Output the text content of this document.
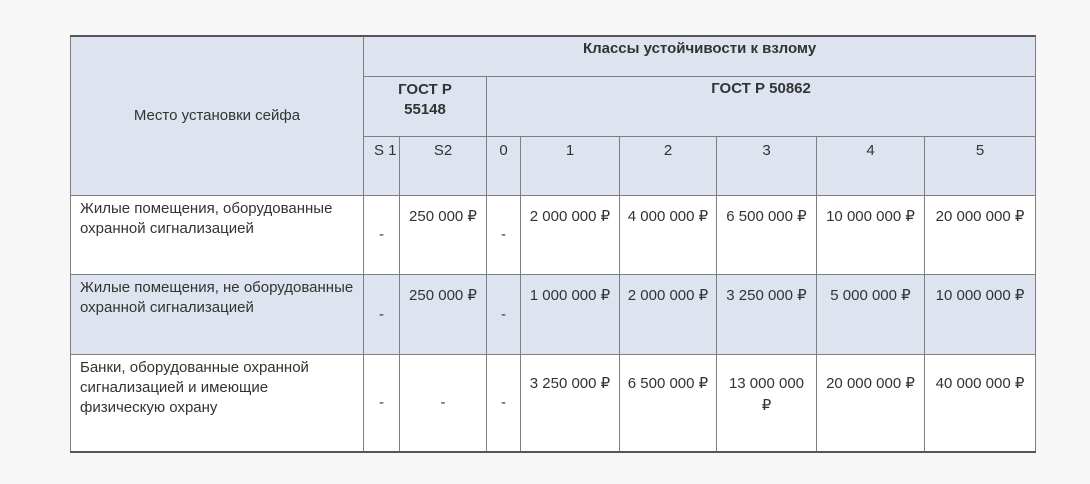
Место установки сейфа	Классы устойчивости к взлому							
	ГОСТ Р 55148		ГОСТ Р 50862					
	S 1	S2	0	1	2	3	4	5
Жилые помещения, оборудованные охранной сигнализацией	-	250 000 ₽	-	2 000 000 ₽	4 000 000 ₽	6 500 000 ₽	10 000 000 ₽	20 000 000 ₽
Жилые помещения, не оборудованные охранной сигнализацией	-	250 000 ₽	-	1 000 000 ₽	2 000 000 ₽	3 250 000 ₽	5 000 000 ₽	10 000 000 ₽
Банки, оборудованные охранной сигнализацией и имеющие физическую охрану	-	-	-	3 250 000 ₽	6 500 000 ₽	13 000 000 ₽	20 000 000 ₽	40 000 000 ₽
